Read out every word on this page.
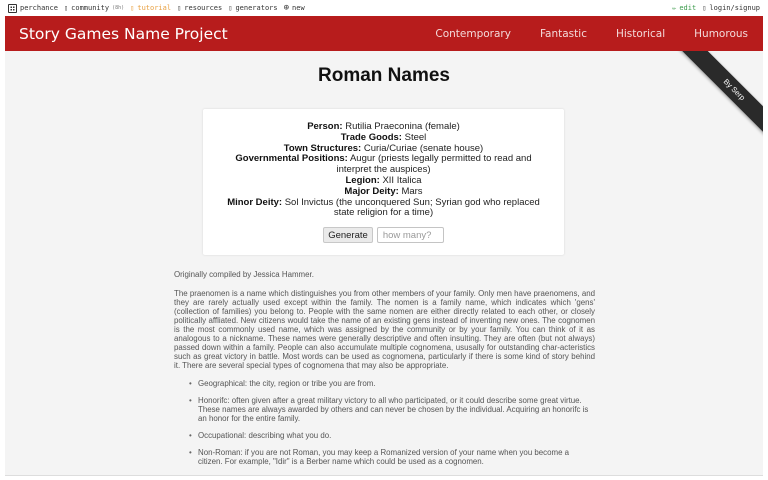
perchance ▯ community (8h) ▯ tutorial ▯ resources ▯ generators ⊕ new	✏ edit ▯ login/signup
Story Games Name Project	Contemporary	Fantastic	Historical	Humorous
By Serp
Roman Names
Person: Rutilia Praeconina (female)
Trade Goods: Steel
Town Structures: Curia/Curiae (senate house)
Governmental Positions: Augur (priests legally permitted to read and interpret the auspices)
Legion: XII Italica
Major Deity: Mars
Minor Deity: Sol Invictus (the unconquered Sun; Syrian god who replaced state religion for a time)
Generate
how many?

Originally compiled by Jessica Hammer.

The praenomen is a name which distinguishes you from other members of your family. Only men have praenomens, and they are rarely actually used except within the family. The nomen is a family name, which indicates which 'gens' (collection of families) you belong to. People with the same nomen are either directly related to each other, or closely politically affliated. New citizens would take the name of an existing gens instead of inventing new ones. The cognomen is the most commonly used name, which was assigned by the community or by your family. You can think of it as analogous to a nickname. These names were generally descriptive and often insulting. They are often (but not always) passed down within a family. People can also accumulate multiple cognomena, ususally for outstanding char-acteristics such as great victory in battle. Most words can be used as cognomena, particularly if there is some kind of story behind it. There are several special types of cognomena that may also be appropriate.

• Geographical: the city, region or tribe you are from.
• Honorifc: often given after a great military victory to all who participated, or it could describe some great virtue. These names are always awarded by others and can never be chosen by the individual. Acquiring an honorifc is an honor for the entire family.
• Occupational: describing what you do.
• Non-Roman: if you are not Roman, you may keep a Romanized version of your name when you become a citizen. For example, "Idir" is a Berber name which could be used as a cognomen.
